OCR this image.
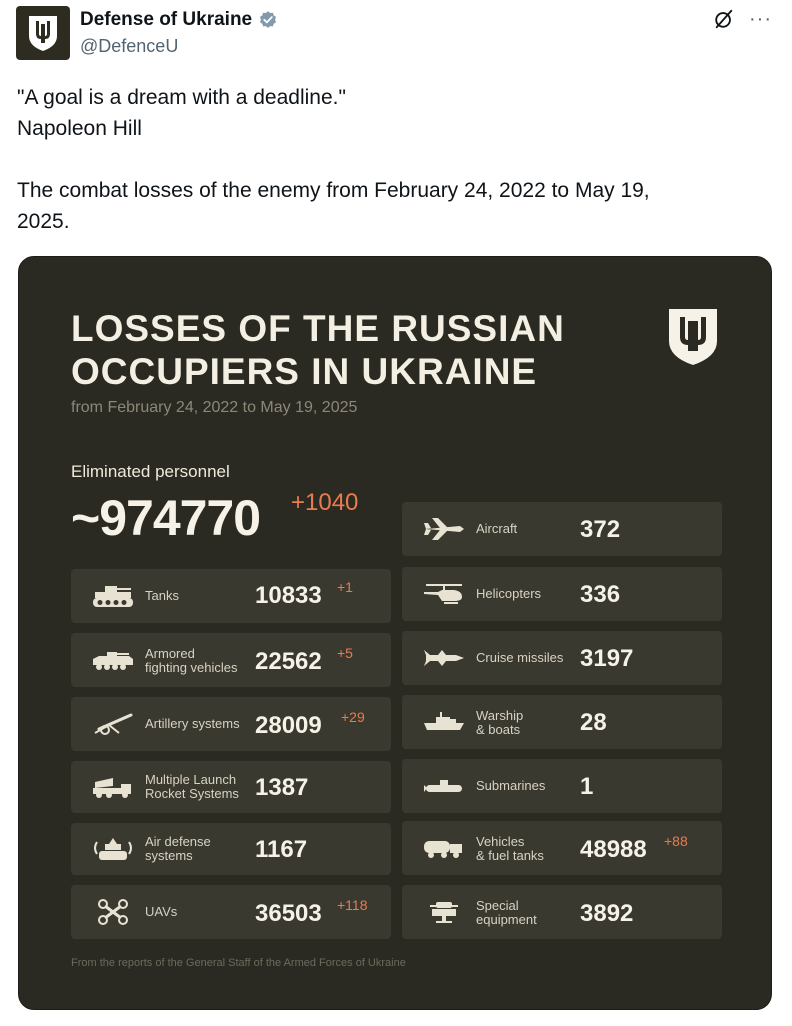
Defense of Ukraine
@DefenceU
···

"A goal is a dream with a deadline."

Napoleon Hill

The combat losses of the enemy from February 24, 2022 to May 19,

2025.

LOSSES OF THE RUSSIAN
OCCUPIERS IN UKRAINE
from February 24, 2022 to May 19, 2025
Eliminated personnel
~974770 +1040
Tanks	10833 +1
Armored
fighting vehicles 22562 +5
Artillery systems 28009 +29
Multiple Launch
Rocket Systems 1387
Air defense
systems	1167
UAVs	36503 +118
Aircraft	372
Helicopters 336
Cruise missiles 3197
Warship
& boats 28
Submarines 1
Vehicles
& fuel tanks 48988 +88
Special
equipment 3892
From the reports of the General Staff of the Armed Forces of Ukraine
